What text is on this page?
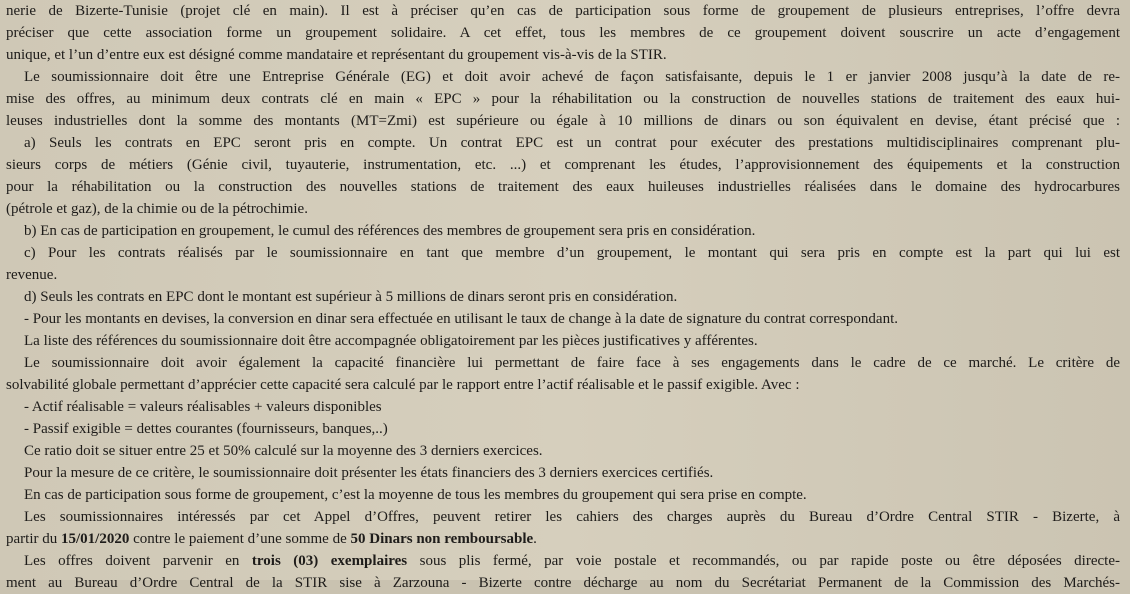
nerie de Bizerte-Tunisie (projet clé en main). Il est à préciser qu’en cas de participation sous forme de groupement de plusieurs entreprises, l’offre devra
préciser que cette association forme un groupement solidaire. A cet effet, tous les membres de ce groupement doivent souscrire un acte d’engagement
unique, et l’un d’entre eux est désigné comme mandataire et représentant du groupement vis-à-vis de la STIR.
Le soumissionnaire doit être une Entreprise Générale (EG) et doit avoir achevé de façon satisfaisante, depuis le 1 er janvier 2008 jusqu’à la date de re-
mise des offres, au minimum deux contrats clé en main « EPC » pour la réhabilitation ou la construction de nouvelles stations de traitement des eaux hui-
leuses industrielles dont la somme des montants (MT=Zmi) est supérieure ou égale à 10 millions de dinars ou son équivalent en devise, étant précisé que :
a) Seuls les contrats en EPC seront pris en compte. Un contrat EPC est un contrat pour exécuter des prestations multidisciplinaires comprenant plu-
sieurs corps de métiers (Génie civil, tuyauterie, instrumentation, etc. ...) et comprenant les études, l’approvisionnement des équipements et la construction
pour la réhabilitation ou la construction des nouvelles stations de traitement des eaux huileuses industrielles réalisées dans le domaine des hydrocarbures
(pétrole et gaz), de la chimie ou de la pétrochimie.
b) En cas de participation en groupement, le cumul des références des membres de groupement sera pris en considération.
c) Pour les contrats réalisés par le soumissionnaire en tant que membre d’un groupement, le montant qui sera pris en compte est la part qui lui est
revenue.
d) Seuls les contrats en EPC dont le montant est supérieur à 5 millions de dinars seront pris en considération.
- Pour les montants en devises, la conversion en dinar sera effectuée en utilisant le taux de change à la date de signature du contrat correspondant.
La liste des références du soumissionnaire doit être accompagnée obligatoirement par les pièces justificatives y afférentes.
Le soumissionnaire doit avoir également la capacité financière lui permettant de faire face à ses engagements dans le cadre de ce marché. Le critère de
solvabilité globale permettant d’apprécier cette capacité sera calculé par le rapport entre l’actif réalisable et le passif exigible. Avec :
- Actif réalisable = valeurs réalisables + valeurs disponibles
- Passif exigible = dettes courantes (fournisseurs, banques,..)
Ce ratio doit se situer entre 25 et 50% calculé sur la moyenne des 3 derniers exercices.
Pour la mesure de ce critère, le soumissionnaire doit présenter les états financiers des 3 derniers exercices certifiés.
En cas de participation sous forme de groupement, c’est la moyenne de tous les membres du groupement qui sera prise en compte.
Les soumissionnaires intéressés par cet Appel d’Offres, peuvent retirer les cahiers des charges auprès du Bureau d’Ordre Central STIR - Bizerte, à
partir du 15/01/2020 contre le paiement d’une somme de 50 Dinars non remboursable.
Les offres doivent parvenir en trois (03) exemplaires sous plis fermé, par voie postale et recommandés, ou par rapide poste ou être déposées directe-
ment au Bureau d’Ordre Central de la STIR sise à Zarzouna - Bizerte contre décharge au nom du Secrétariat Permanent de la Commission des Marchés-
